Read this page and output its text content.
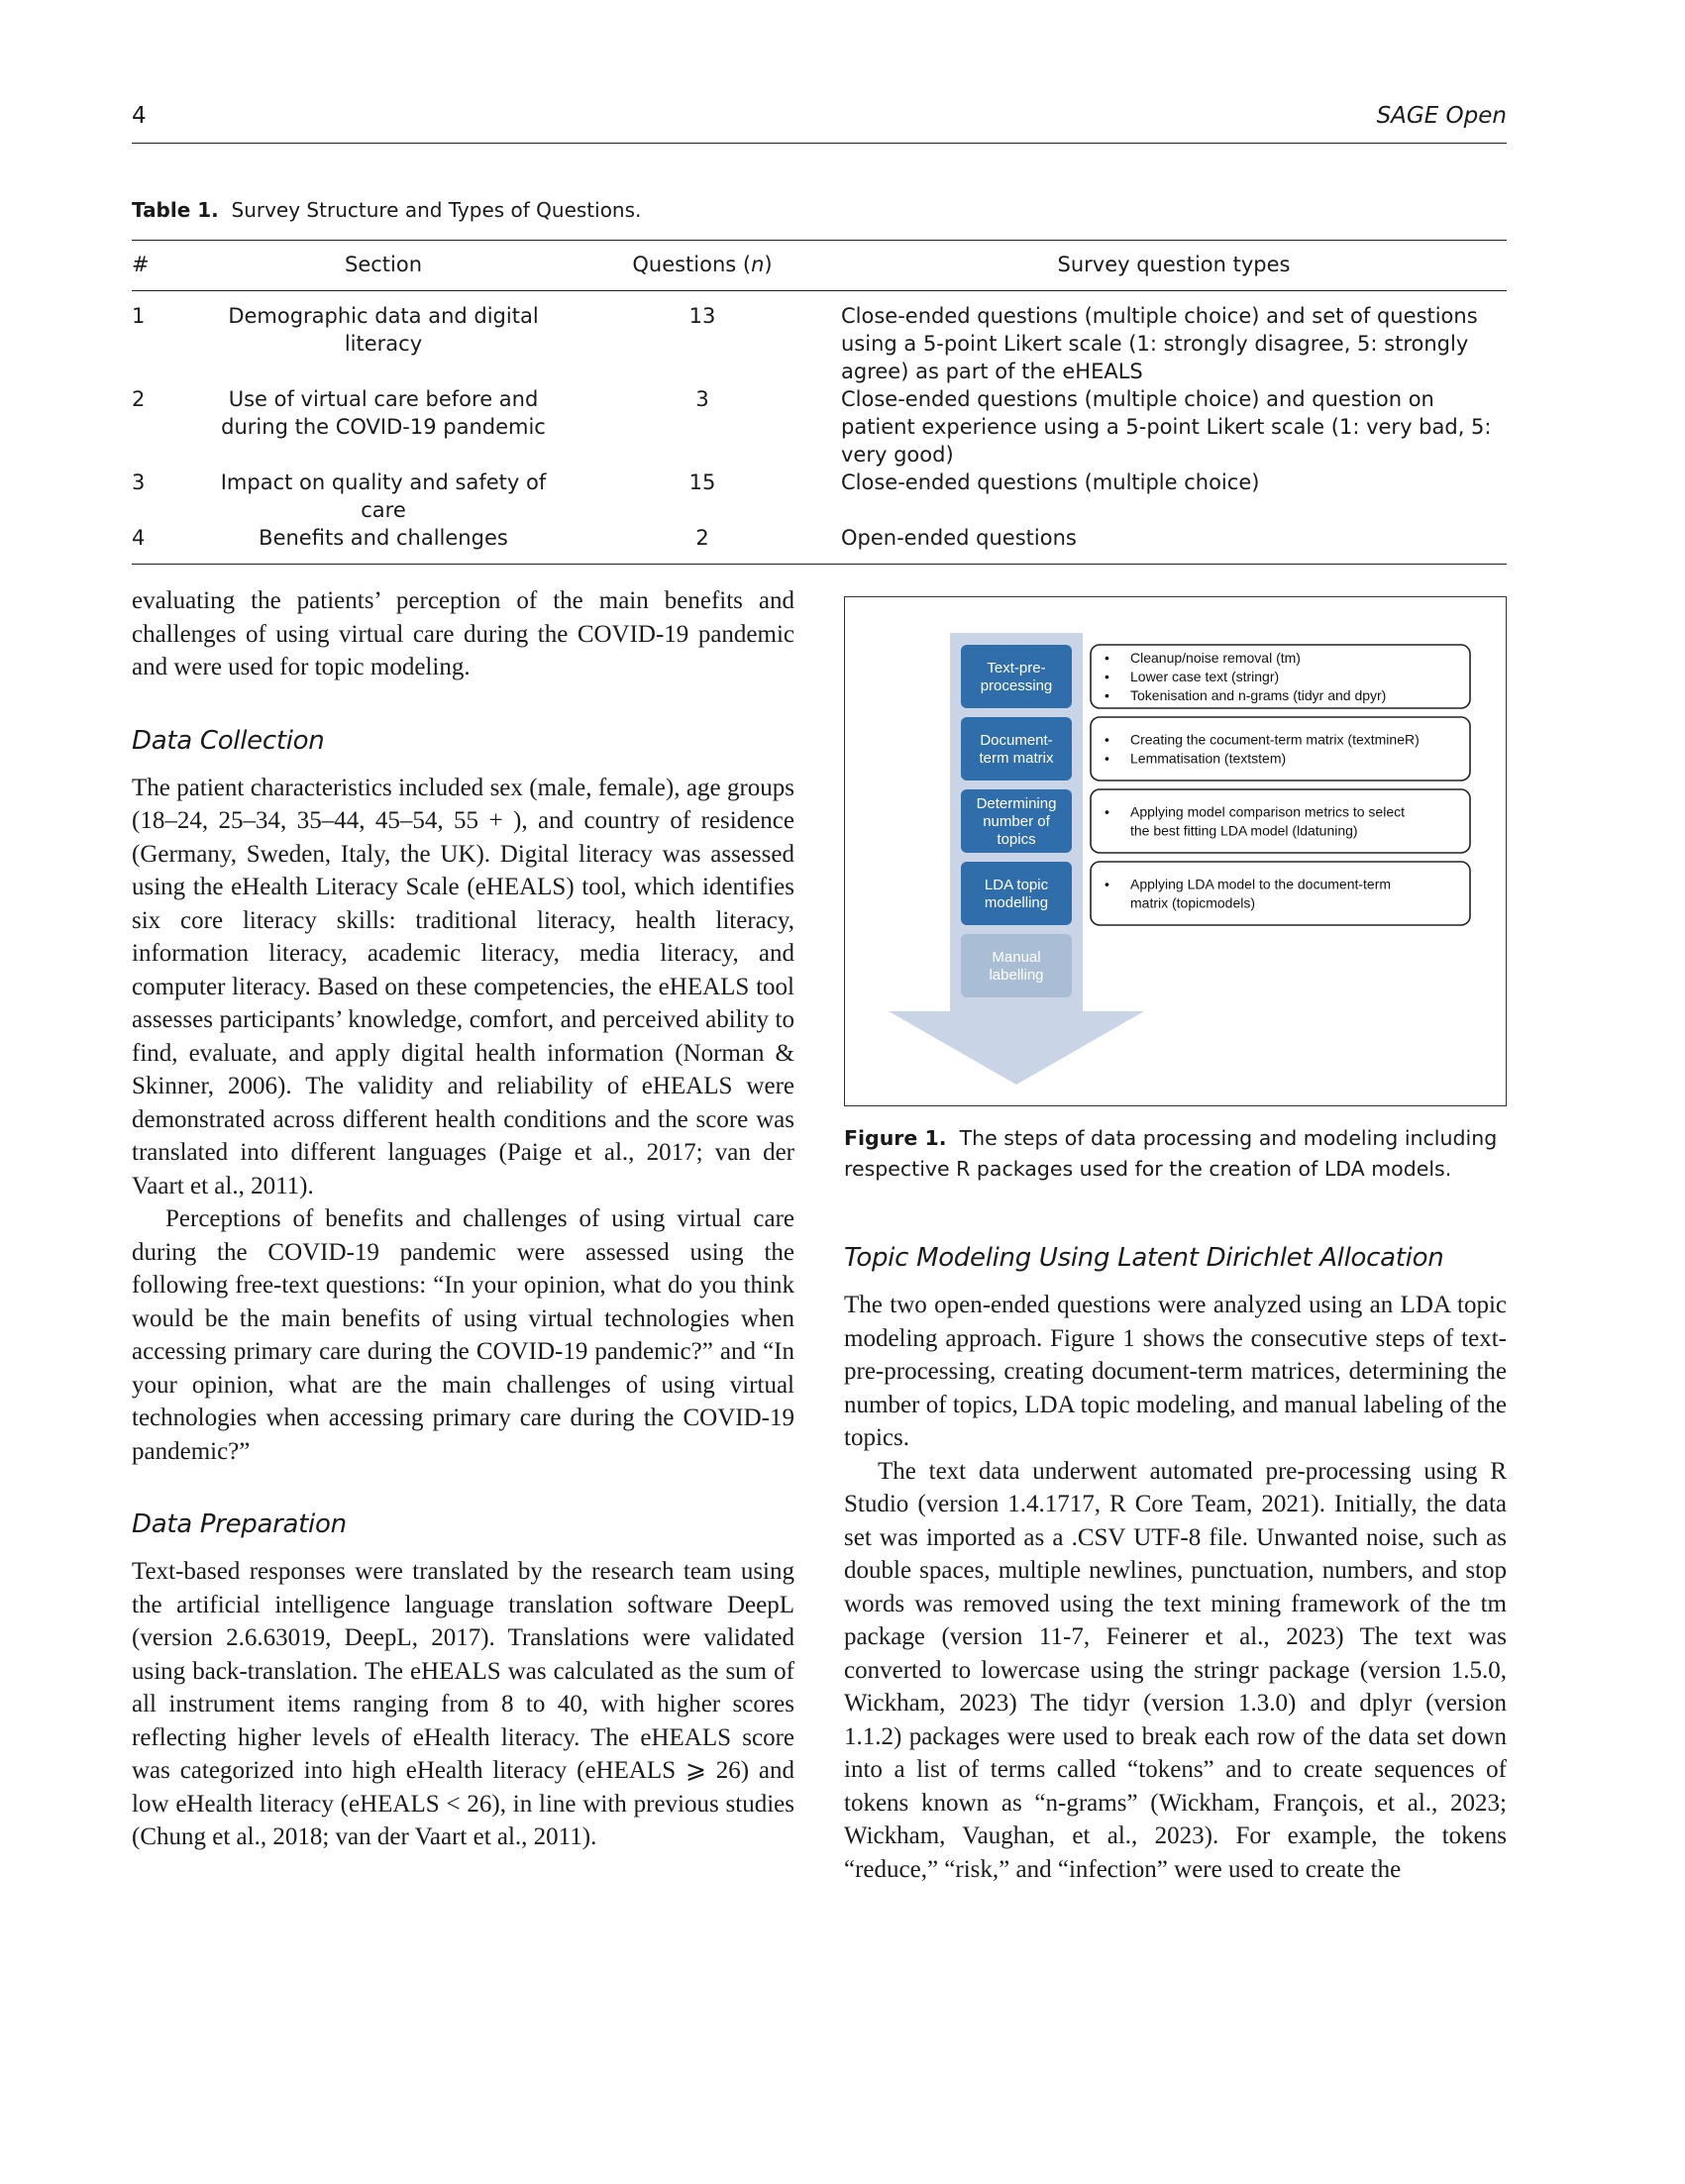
4	SAGE Open
Table 1. Survey Structure and Types of Questions.
#	Section	Questions (n)	Survey question types
1	Demographic data and digital literacy	13	Close-ended questions (multiple choice) and set of questions using a 5-point Likert scale (1: strongly disagree, 5: strongly agree) as part of the eHEALS
2	Use of virtual care before and during the COVID-19 pandemic	3	Close-ended questions (multiple choice) and question on patient experience using a 5-point Likert scale (1: very bad, 5: very good)
3	Impact on quality and safety of care	15	Close-ended questions (multiple choice)
4	Benefits and challenges	2	Open-ended questions

evaluating the patients’ perception of the main benefits and challenges of using virtual care during the COVID-19 pandemic and were used for topic modeling.

Data Collection

The patient characteristics included sex (male, female), age groups (18–24, 25–34, 35–44, 45–54, 55 + ), and country of residence (Germany, Sweden, Italy, the UK). Digital literacy was assessed using the eHealth Literacy Scale (eHEALS) tool, which identifies six core literacy skills: traditional literacy, health literacy, information literacy, academic literacy, media literacy, and computer literacy. Based on these competencies, the eHEALS tool assesses participants’ knowledge, comfort, and perceived ability to find, evaluate, and apply digital health information (Norman & Skinner, 2006). The validity and reliability of eHEALS were demonstrated across different health conditions and the score was translated into different languages (Paige et al., 2017; van der Vaart et al., 2011).

Perceptions of benefits and challenges of using virtual care during the COVID-19 pandemic were assessed using the following free-text questions: “In your opinion, what do you think would be the main benefits of using virtual technologies when accessing primary care during the COVID-19 pandemic?” and “In your opinion, what are the main challenges of using virtual technologies when accessing primary care during the COVID-19 pandemic?”

Data Preparation

Text-based responses were translated by the research team using the artificial intelligence language translation software DeepL (version 2.6.63019, DeepL, 2017). Translations were validated using back-translation. The eHEALS was calculated as the sum of all instrument items ranging from 8 to 40, with higher scores reflecting higher levels of eHealth literacy. The eHEALS score was categorized into high eHealth literacy (eHEALS ⩾ 26) and low eHealth literacy (eHEALS < 26), in line with previous studies (Chung et al., 2018; van der Vaart et al., 2011).

Text-pre-
processing
• Cleanup/noise removal (tm)
• Lower case text (stringr)
• Tokenisation and n-grams (tidyr and dpyr)
Document-
term matrix
• Creating the cocument-term matrix (textmineR)
• Lemmatisation (textstem)
Determining
number of
topics
• Applying model comparison metrics to select
the best fitting LDA model (ldatuning)
LDA topic
modelling
• Applying LDA model to the document-term
matrix (topicmodels)
Manual
labelling
Figure 1. The steps of data processing and modeling including respective R packages used for the creation of LDA models.
Topic Modeling Using Latent Dirichlet Allocation

The two open-ended questions were analyzed using an LDA topic modeling approach. Figure 1 shows the consecutive steps of text-pre-processing, creating document-term matrices, determining the number of topics, LDA topic modeling, and manual labeling of the topics.

The text data underwent automated pre-processing using R Studio (version 1.4.1717, R Core Team, 2021). Initially, the data set was imported as a .CSV UTF-8 file. Unwanted noise, such as double spaces, multiple newlines, punctuation, numbers, and stop words was removed using the text mining framework of the tm package (version 11-7, Feinerer et al., 2023) The text was converted to lowercase using the stringr package (version 1.5.0, Wickham, 2023) The tidyr (version 1.3.0) and dplyr (version 1.1.2) packages were used to break each row of the data set down into a list of terms called “tokens” and to create sequences of tokens known as “n-grams” (Wickham, François, et al., 2023; Wickham, Vaughan, et al., 2023). For example, the tokens “reduce,” “risk,” and “infection” were used to create the
